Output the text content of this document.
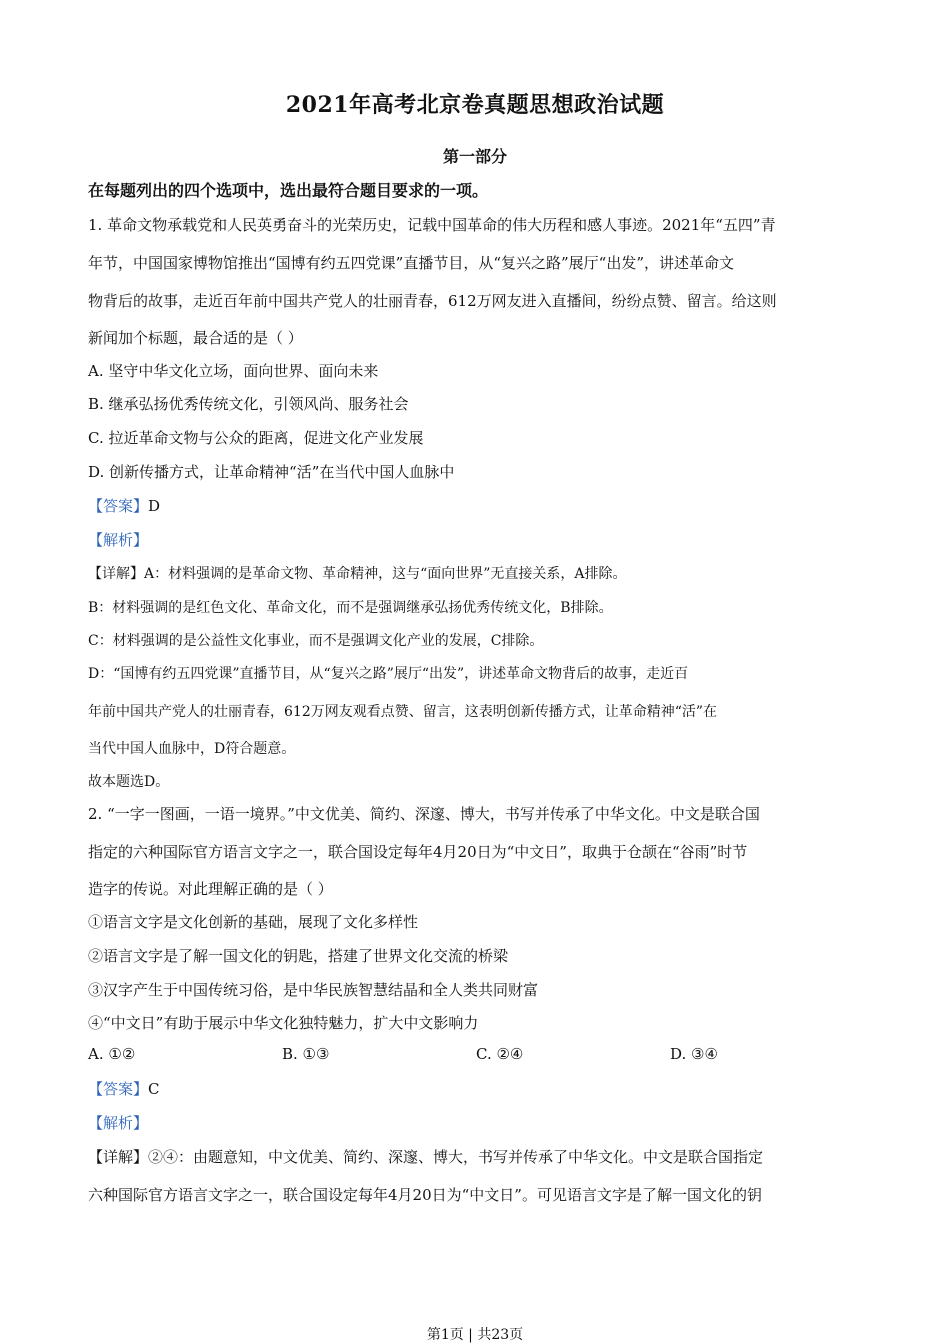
2021年高考北京卷真题思想政治试题
第一部分
在每题列出的四个选项中，选出最符合题目要求的一项。
1. 革命文物承载党和人民英勇奋斗的光荣历史，记载中国革命的伟大历程和感人事迹。2021年“五四”青
年节，中国国家博物馆推出“国博有约五四党课”直播节目，从“复兴之路”展厅“出发”，讲述革命文
物背后的故事，走近百年前中国共产党人的壮丽青春，612万网友进入直播间，纷纷点赞、留言。给这则
新闻加个标题，最合适的是（ ）
A. 坚守中华文化立场，面向世界、面向未来
B. 继承弘扬优秀传统文化，引领风尚、服务社会
C. 拉近革命文物与公众的距离，促进文化产业发展
D. 创新传播方式，让革命精神“活”在当代中国人血脉中
【答案】D
【解析】
【详解】A：材料强调的是革命文物、革命精神，这与“面向世界”无直接关系，A排除。
B：材料强调的是红色文化、革命文化，而不是强调继承弘扬优秀传统文化，B排除。
C：材料强调的是公益性文化事业，而不是强调文化产业的发展，C排除。
D：“国博有约五四党课”直播节目，从“复兴之路”展厅“出发”，讲述革命文物背后的故事，走近百
年前中国共产党人的壮丽青春，612万网友观看点赞、留言，这表明创新传播方式，让革命精神“活”在
当代中国人血脉中，D符合题意。
故本题选D。
2. “一字一图画，一语一境界。”中文优美、简约、深邃、博大，书写并传承了中华文化。中文是联合国
指定的六种国际官方语言文字之一，联合国设定每年4月20日为“中文日”，取典于仓颉在“谷雨”时节
造字的传说。对此理解正确的是（ ）
①语言文字是文化创新的基础，展现了文化多样性
②语言文字是了解一国文化的钥匙，搭建了世界文化交流的桥梁
③汉字产生于中国传统习俗，是中华民族智慧结晶和全人类共同财富
④“中文日”有助于展示中华文化独特魅力，扩大中文影响力
A. ①②	B. ①③	C. ②④	D. ③④
【答案】C
【解析】
【详解】②④：由题意知，中文优美、简约、深邃、博大，书写并传承了中华文化。中文是联合国指定
六种国际官方语言文字之一，联合国设定每年4月20日为“中文日”。可见语言文字是了解一国文化的钥
第1页 | 共23页
